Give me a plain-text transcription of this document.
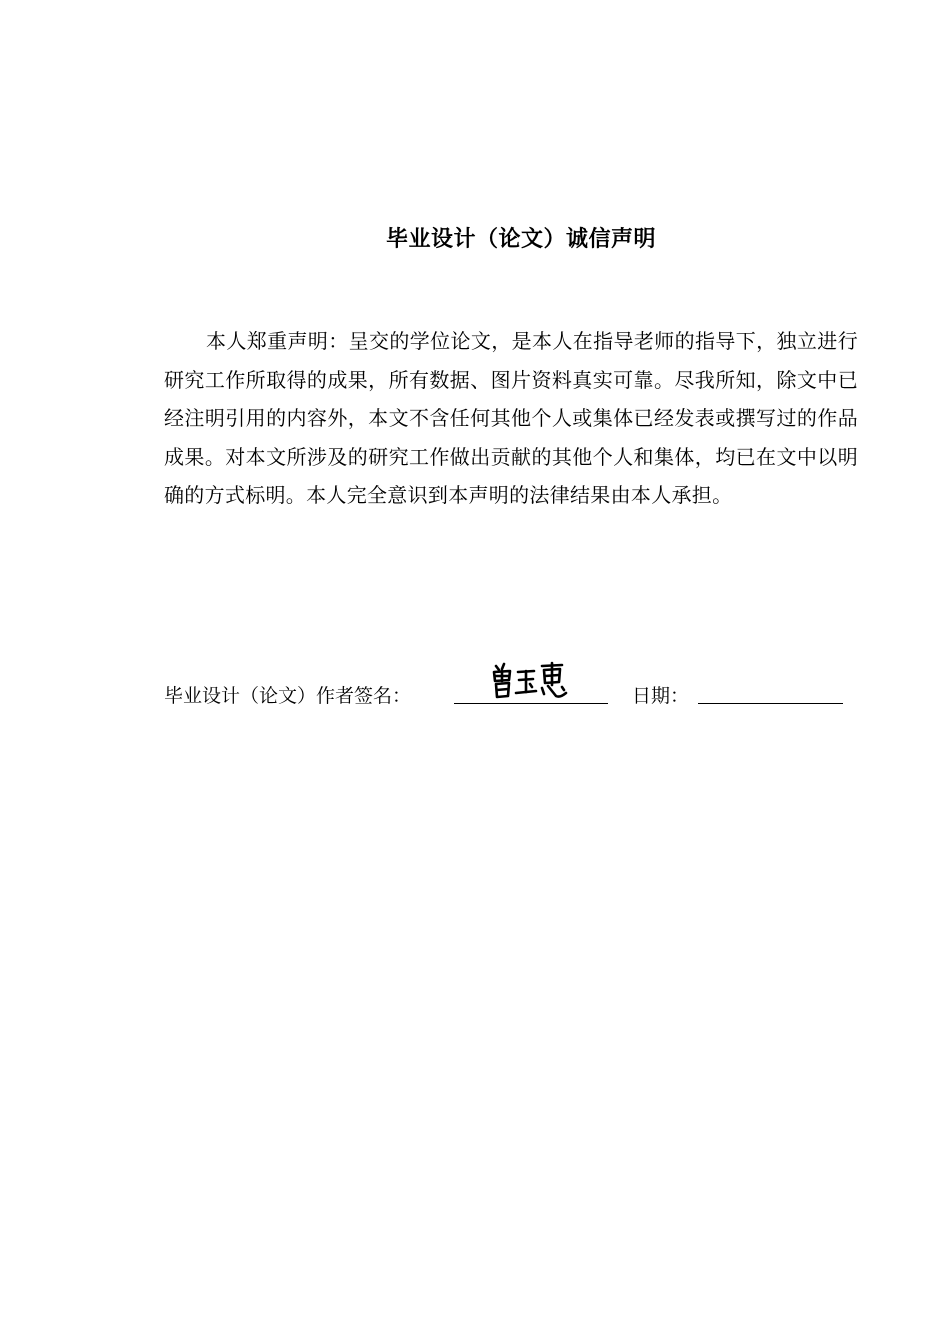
毕业设计（论文）诚信声明
本人郑重声明：呈交的学位论文，是本人在指导老师的指导下，独立进行研究工作所取得的成果，所有数据、图片资料真实可靠。尽我所知，除文中已经注明引用的内容外，本文不含任何其他个人或集体已经发表或撰写过的作品成果。对本文所涉及的研究工作做出贡献的其他个人和集体，均已在文中以明确的方式标明。本人完全意识到本声明的法律结果由本人承担。
毕业设计（论文）作者签名：	日期：
